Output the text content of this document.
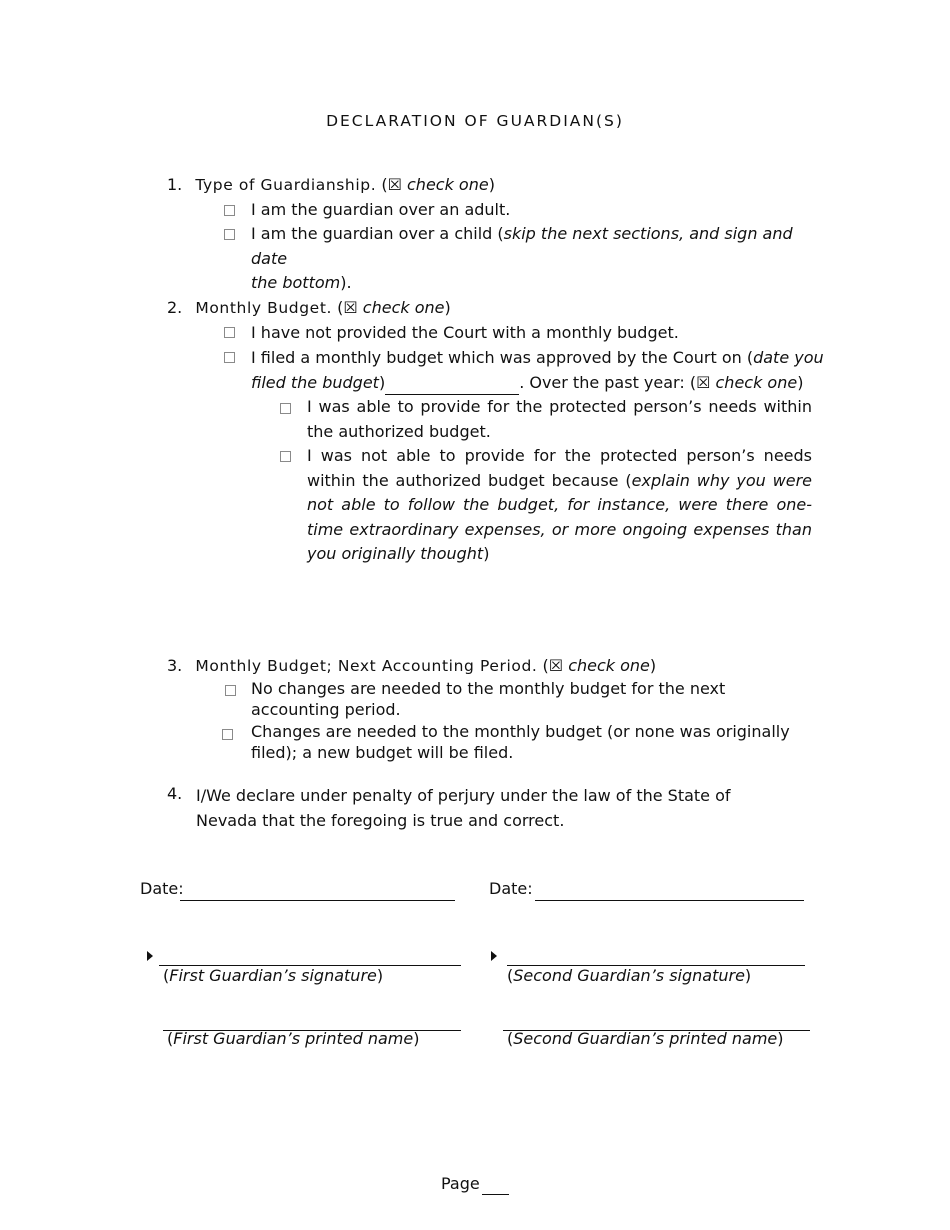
DECLARATION OF GUARDIAN(S)
1. Type of Guardianship. (☒ check one)
I am the guardian over an adult.
I am the guardian over a child (skip the next sections, and sign and date
the bottom).
2. Monthly Budget. (☒ check one)
I have not provided the Court with a monthly budget.
I filed a monthly budget which was approved by the Court on (date you
filed the budget)	. Over the past year: (☒ check one)
I was able to provide for the protected person’s needs within the authorized budget.
I was not able to provide for the protected person’s needs within the authorized budget because (explain why you were not able to follow the budget, for instance, were there one-time extraordinary expenses, or more ongoing expenses than you originally thought)
3. Monthly Budget; Next Accounting Period. (☒ check one)
No changes are needed to the monthly budget for the next accounting period.
Changes are needed to the monthly budget (or none was originally filed); a new budget will be filed.
4. I/We declare under penalty of perjury under the law of the State of Nevada that the foregoing is true and correct.
Date:	Date:
(First Guardian’s signature)	(Second Guardian’s signature)
(First Guardian’s printed name)	(Second Guardian’s printed name)
Page
